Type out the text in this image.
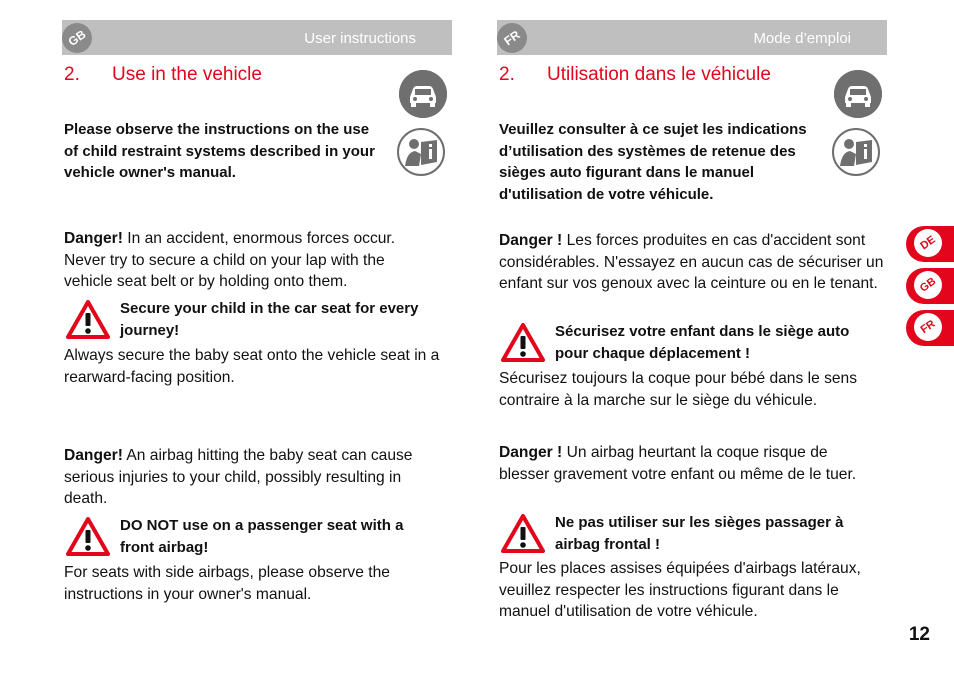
GB	User instructions
2. Use in the vehicle
Please observe the instructions on the use of child restraint systems described in your vehicle owner's manual.
Danger! In an accident, enormous forces occur. Never try to secure a child on your lap with the vehicle seat belt or by holding onto them.
Secure your child in the car seat for every journey!
Always secure the baby seat onto the vehicle seat in a rearward-facing position.
Danger! An airbag hitting the baby seat can cause serious injuries to your child, possibly resulting in death.
DO NOT use on a passenger seat with a front airbag!
For seats with side airbags, please observe the instructions in your owner's manual.
FR	Mode d’emploi
2. Utilisation dans le véhicule
Veuillez consulter à ce sujet les indications d’utilisation des systèmes de retenue des sièges auto figurant dans le manuel d'utilisation de votre véhicule.
Danger ! Les forces produites en cas d'accident sont considérables. N'essayez en aucun cas de sécuriser un enfant sur vos genoux avec la ceinture ou en le tenant.
Sécurisez votre enfant dans le siège auto pour chaque déplacement !
Sécurisez toujours la coque pour bébé dans le sens contraire à la marche sur le siège du véhicule.
Danger ! Un airbag heurtant la coque risque de blesser gravement votre enfant ou même de le tuer.
Ne pas utiliser sur les sièges passager à airbag frontal !
Pour les places assises équipées d'airbags latéraux, veuillez respecter les instructions figurant dans le manuel d'utilisation de votre véhicule.
DE
GB
FR
12
